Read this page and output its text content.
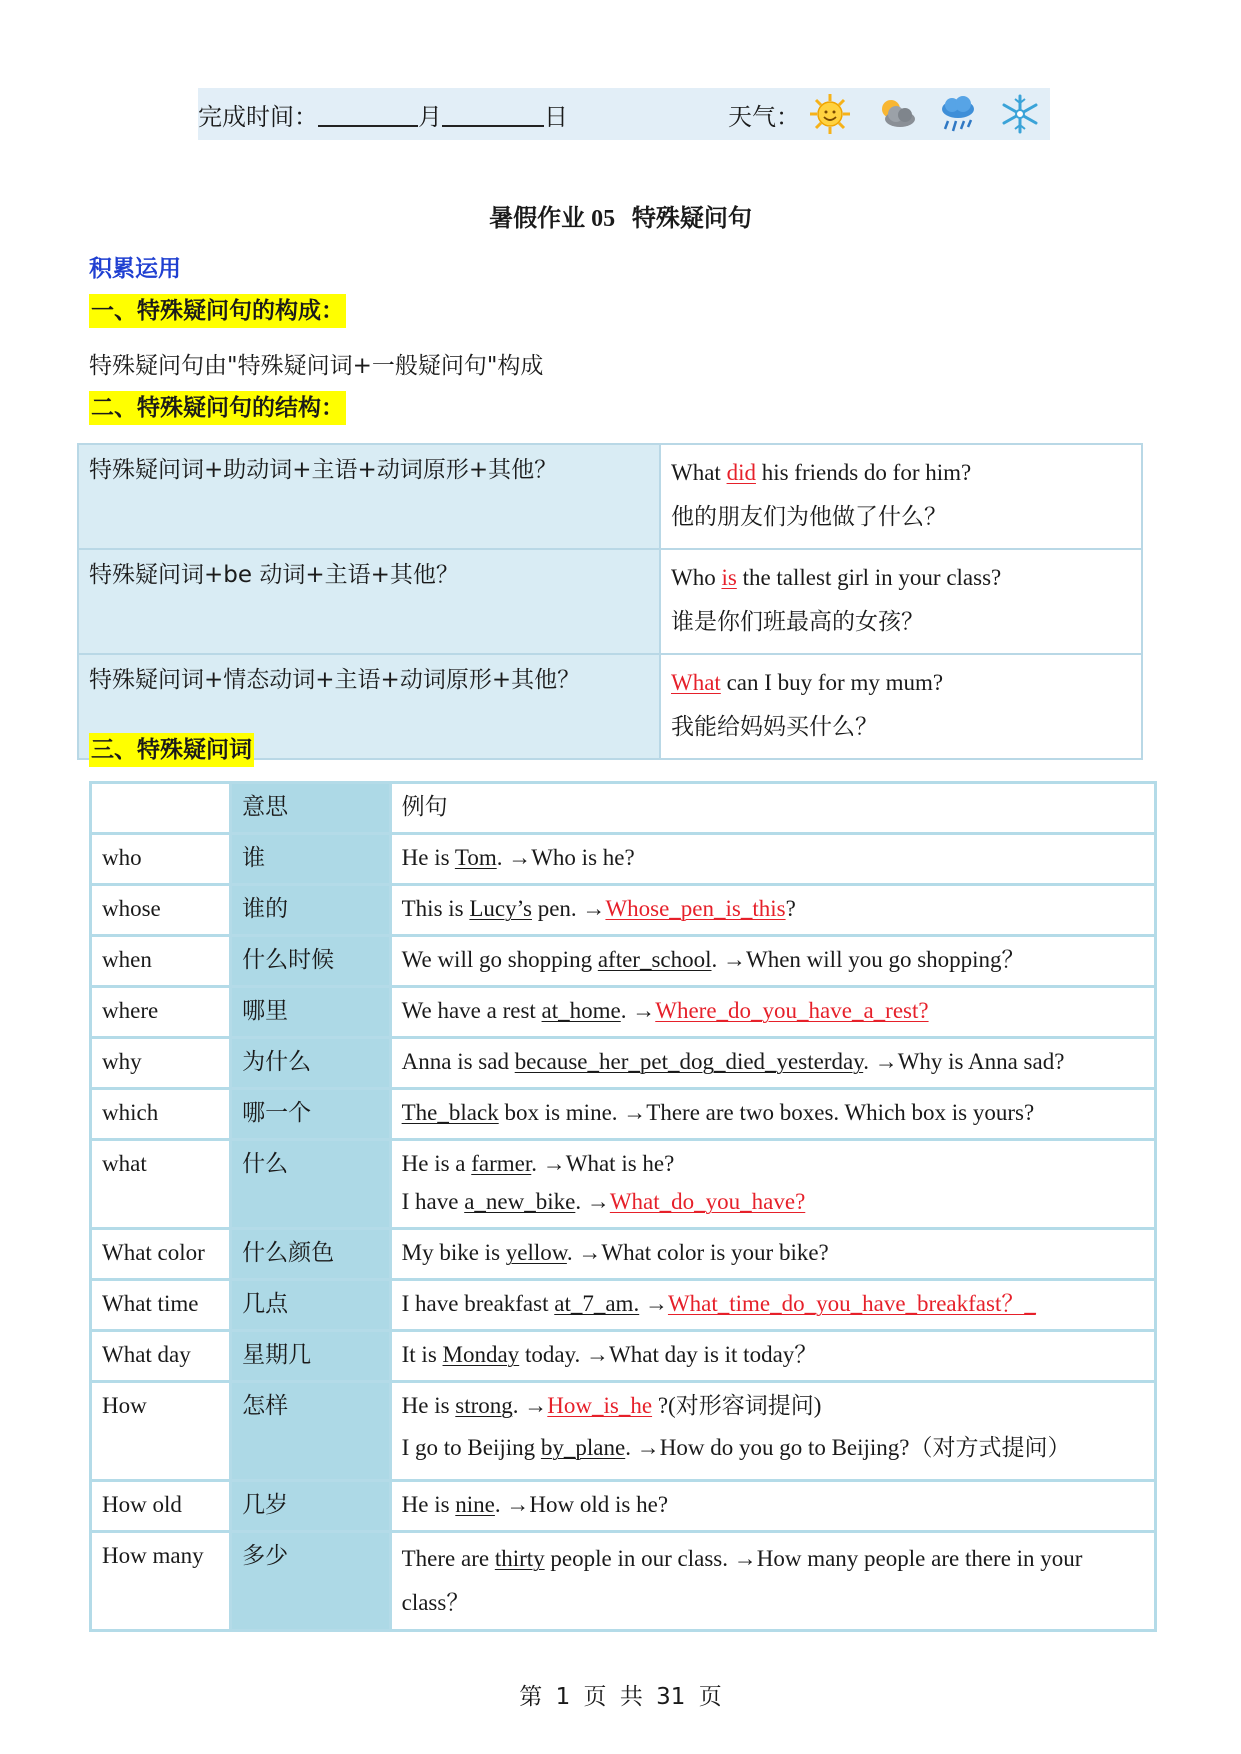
完成时间：	月	日	天气：
暑假作业 05 特殊疑问句
积累运用
一、特殊疑问句的构成：
特殊疑问句由"特殊疑问词+一般疑问句"构成
二、特殊疑问句的结构：
特殊疑问词+助动词+主语+动词原形+其他？	What did his friends do for him?
他的朋友们为他做了什么？

特殊疑问词+be 动词+主语+其他？	Who is the tallest girl in your class?
谁是你们班最高的女孩？

特殊疑问词+情态动词+主语+动词原形+其他？	What can I buy for my mum?
我能给妈妈买什么？
三、特殊疑问词
	意思	例句
who	谁	He is Tom. →Who is he?
whose	谁的	This is Lucy’s pen. →Whose_pen_is_this?
when	什么时候	We will go shopping after_school. →When will you go shopping？
where	哪里	We have a rest at_home. →Where_do_you_have_a_rest?
why	为什么	Anna is sad because_her_pet_dog_died_yesterday. →Why is Anna sad?
which	哪一个	The_black box is mine. →There are two boxes. Which box is yours?
what	什么	He is a farmer. →What is he?
I have a_new_bike. →What_do_you_have?

What color	什么颜色	My bike is yellow. →What color is your bike?
What time	几点	I have breakfast at_7_am. →What_time_do_you_have_breakfast？_
What day	星期几	It is Monday today. →What day is it today？
How	怎样	He is strong. →How_is_he ?(对形容词提问)
I go to Beijing by_plane. →How do you go to Beijing?（对方式提问）

How old	几岁	He is nine. →How old is he?
How many	多少	There are thirty people in our class. →How many people are there in your class？
第 1 页 共 31 页
